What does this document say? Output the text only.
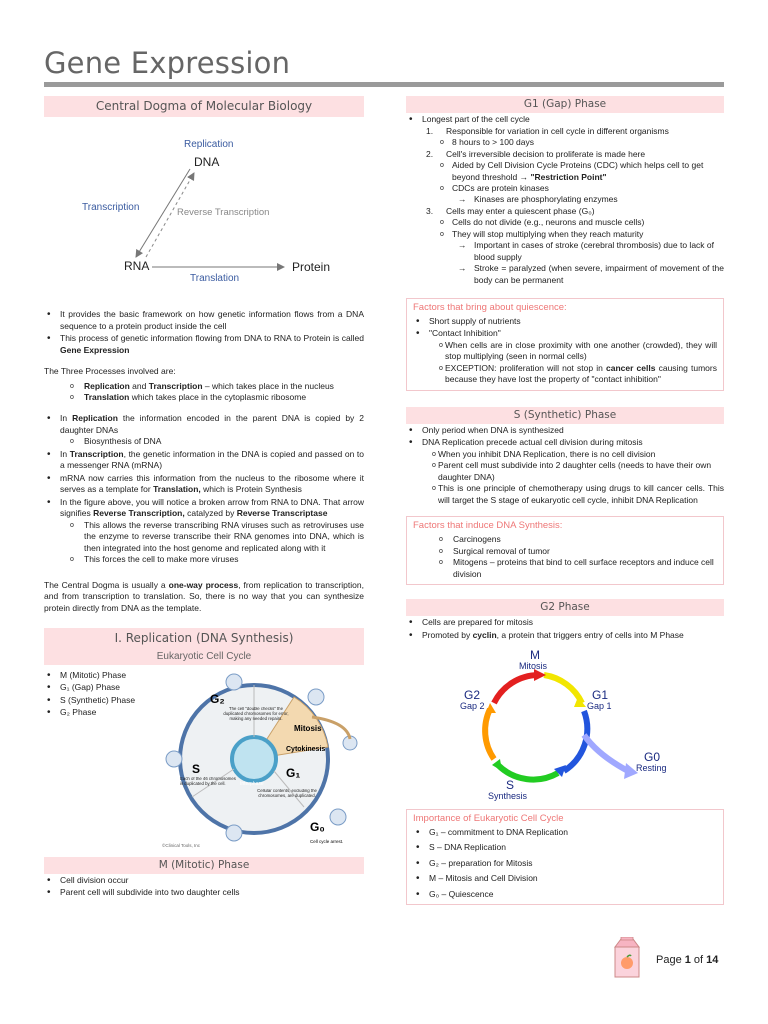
Gene Expression
Central Dogma of Molecular Biology
Replication
DNA
Transcription	Reverse Transcription
RNA	Protein
Translation
• It provides the basic framework on how genetic information flows from a DNA sequence to a protein product inside the cell
• This process of genetic information flowing from DNA to RNA to Protein is called Gene Expression

The Three Processes involved are:

o Replication and Transcription – which takes place in the nucleus
o Translation which takes place in the cytoplasmic ribosome
• In Replication the information encoded in the parent DNA is copied by 2 daughter DNAs
o Biosynthesis of DNA
• In Transcription, the genetic information in the DNA is copied and passed on to a messenger RNA (mRNA)
• mRNA now carries this information from the nucleus to the ribosome where it serves as a template for Translation, which is Protein Synthesis
• In the figure above, you will notice a broken arrow from RNA to DNA. That arrow signifies Reverse Transcription, catalyzed by Reverse Transcriptase
o This allows the reverse transcribing RNA viruses such as retroviruses use the enzyme to reverse transcribe their RNA genomes into DNA, which is then integrated into the host genome and replicated along with it
o This forces the cell to make more viruses

The Central Dogma is usually a one-way process, from replication to transcription, and from transcription to translation. So, there is no way that you can synthesize protein directly from DNA as the template.

I. Replication (DNA Synthesis)
Eukaryotic Cell Cycle
• M (Mitotic) Phase
• G₁ (Gap) Phase
• S (Synthetic) Phase
• G₂ Phase
G₂
Mitosis
Cytokinesis
Interphase
S	G₁
G₀
Cell cycle arrest.
©Clinical Tools, Inc
The cell "double checks" the duplicated chromosomes for error, making any needed repairs.
Each of the 46 chromosomes is duplicated by the cell.
Cellular contents, excluding the chromosomes, are duplicated.
M (Mitotic) Phase
• Cell division occur
• Parent cell will subdivide into two daughter cells
G1 (Gap) Phase
• Longest part of the cell cycle
1. Responsible for variation in cell cycle in different organisms
o 8 hours to > 100 days
2. Cell's irreversible decision to proliferate is made here
o Aided by Cell Division Cycle Proteins (CDC) which helps cell to get beyond threshold → "Restriction Point"
o CDCs are protein kinases
→ Kinases are phosphorylating enzymes
3. Cells may enter a quiescent phase (G₀)
o Cells do not divide (e.g., neurons and muscle cells)
o They will stop multiplying when they reach maturity
→ Important in cases of stroke (cerebral thrombosis) due to lack of blood supply
→ Stroke = paralyzed (when severe, impairment of movement of the body can be permanent
Factors that bring about quiescence:
• Short supply of nutrients
• "Contact Inhibition"
o When cells are in close proximity with one another (crowded), they will stop multiplying (seen in normal cells)
o EXCEPTION: proliferation will not stop in cancer cells causing tumors because they have lost the property of "contact inhibition"
S (Synthetic) Phase
• Only period when DNA is synthesized
• DNA Replication precede actual cell division during mitosis
o When you inhibit DNA Replication, there is no cell division
o Parent cell must subdivide into 2 daughter cells (needs to have their own daughter DNA)
o This is one principle of chemotherapy using drugs to kill cancer cells. This will target the S stage of eukaryotic cell cycle, inhibit DNA Replication
Factors that induce DNA Synthesis:
o Carcinogens
o Surgical removal of tumor
o Mitogens – proteins that bind to cell surface receptors and induce cell division
G2 Phase
• Cells are prepared for mitosis
• Promoted by cyclin, a protein that triggers entry of cells into M Phase
M
Mitosis
G2
Gap 2
G1
Gap 1
G0
Resting
S
Synthesis
Importance of Eukaryotic Cell Cycle
• G₁ – commitment to DNA Replication
• S – DNA Replication
• G₂ – preparation for Mitosis
• M – Mitosis and Cell Division
• G₀ – Quiescence
Page 1 of 14
